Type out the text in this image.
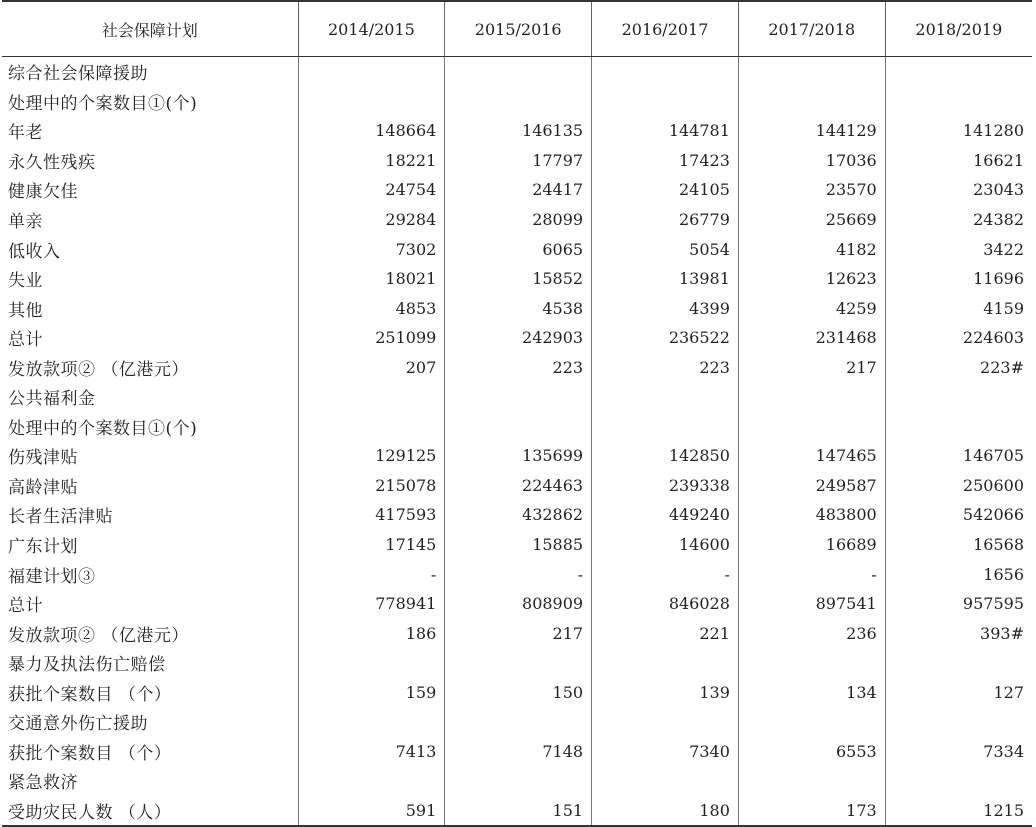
社会保障计划	2014/2015	2015/2016	2016/2017	2017/2018	2018/2019
综合社会保障援助					
处理中的个案数目①(个)					
年老	148664	146135	144781	144129	141280
永久性残疾	18221	17797	17423	17036	16621
健康欠佳	24754	24417	24105	23570	23043
单亲	29284	28099	26779	25669	24382
低收入	7302	6065	5054	4182	3422
失业	18021	15852	13981	12623	11696
其他	4853	4538	4399	4259	4159
总计	251099	242903	236522	231468	224603
发放款项② （亿港元）	207	223	223	217	223#
公共福利金					
处理中的个案数目①(个)					
伤残津贴	129125	135699	142850	147465	146705
高龄津贴	215078	224463	239338	249587	250600
长者生活津贴	417593	432862	449240	483800	542066
广东计划	17145	15885	14600	16689	16568
福建计划③	-	-	-	-	1656
总计	778941	808909	846028	897541	957595
发放款项② （亿港元）	186	217	221	236	393#
暴力及执法伤亡赔偿					
获批个案数目 （个）	159	150	139	134	127
交通意外伤亡援助					
获批个案数目 （个）	7413	7148	7340	6553	7334
紧急救济					
受助灾民人数 （人）	591	151	180	173	1215
